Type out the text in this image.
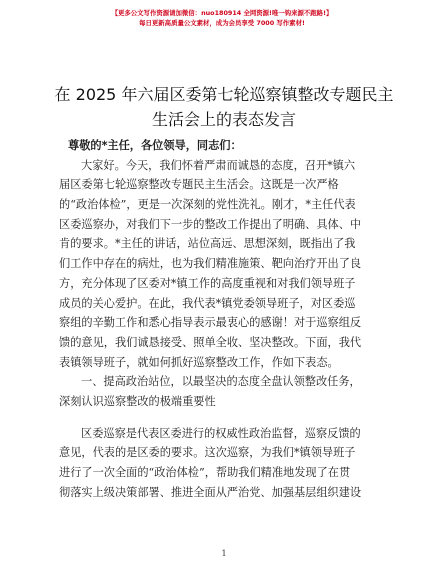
【更多公文写作资源请加微信：nuo180914 全网资源!唯一钩来源不跑路!】
每日更新高质量公文素材，成为会员享受 7000 写作素材!
在 2025 年六届区委第七轮巡察镇整改专题民主
生活会上的表态发言
尊敬的*主任，各位领导，同志们：
大家好。今天，我们怀着严肃而诚恳的态度，召开*镇六
届区委第七轮巡察整改专题民主生活会。这既是一次严格
的“政治体检”，更是一次深刻的党性洗礼。刚才，*主任代表
区委巡察办，对我们下一步的整改工作提出了明确、具体、中
肯的要求。*主任的讲话，站位高远、思想深刻，既指出了我
们工作中存在的病灶，也为我们精准施策、靶向治疗开出了良
方，充分体现了区委对*镇工作的高度重视和对我们领导班子
成员的关心爱护。在此，我代表*镇党委领导班子，对区委巡
察组的辛勤工作和悉心指导表示最衷心的感谢！对于巡察组反
馈的意见，我们诚恳接受、照单全收、坚决整改。下面，我代
表镇领导班子，就如何抓好巡察整改工作，作如下表态。
一、提高政治站位，以最坚决的态度全盘认领整改任务，
深刻认识巡察整改的极端重要性
区委巡察是代表区委进行的权威性政治监督，巡察反馈的
意见，代表的是区委的要求。这次巡察，为我们*镇领导班子
进行了一次全面的“政治体检”，帮助我们精准地发现了在贯
彻落实上级决策部署、推进全面从严治党、加强基层组织建设
1
